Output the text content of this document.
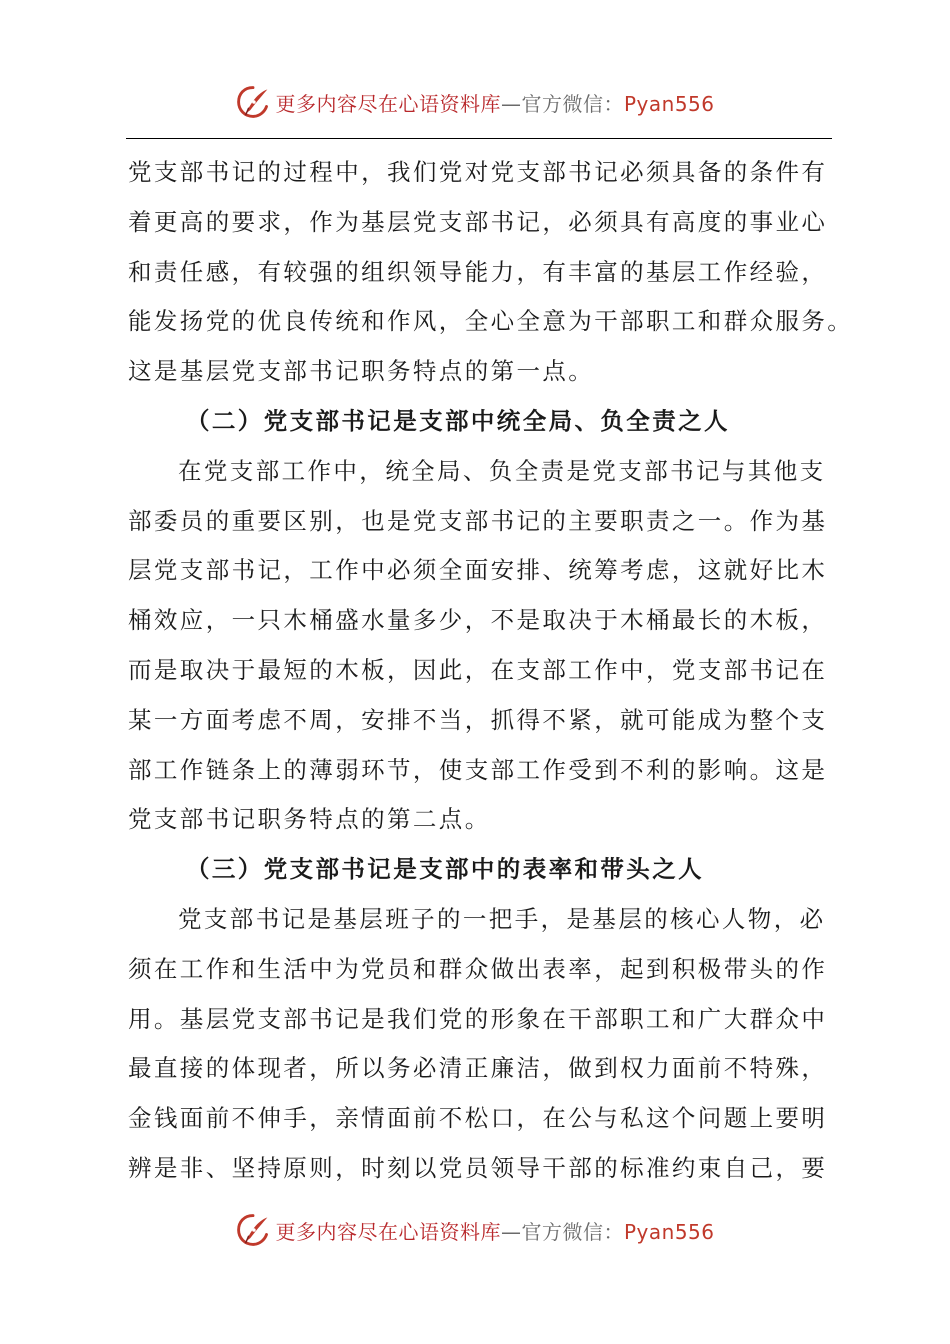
更多内容尽在心语资料库—官方微信：Pyan556
党支部书记的过程中，我们党对党支部书记必须具备的条件有
着更高的要求，作为基层党支部书记，必须具有高度的事业心
和责任感，有较强的组织领导能力，有丰富的基层工作经验，
能发扬党的优良传统和作风，全心全意为干部职工和群众服务。
这是基层党支部书记职务特点的第一点。
（二）党支部书记是支部中统全局、负全责之人
在党支部工作中，统全局、负全责是党支部书记与其他支
部委员的重要区别，也是党支部书记的主要职责之一。作为基
层党支部书记，工作中必须全面安排、统筹考虑，这就好比木
桶效应，一只木桶盛水量多少，不是取决于木桶最长的木板，
而是取决于最短的木板，因此，在支部工作中，党支部书记在
某一方面考虑不周，安排不当，抓得不紧，就可能成为整个支
部工作链条上的薄弱环节，使支部工作受到不利的影响。这是
党支部书记职务特点的第二点。
（三）党支部书记是支部中的表率和带头之人
党支部书记是基层班子的一把手，是基层的核心人物，必
须在工作和生活中为党员和群众做出表率，起到积极带头的作
用。基层党支部书记是我们党的形象在干部职工和广大群众中
最直接的体现者，所以务必清正廉洁，做到权力面前不特殊，
金钱面前不伸手，亲情面前不松口，在公与私这个问题上要明
辨是非、坚持原则，时刻以党员领导干部的标准约束自己，要
更多内容尽在心语资料库—官方微信：Pyan556
